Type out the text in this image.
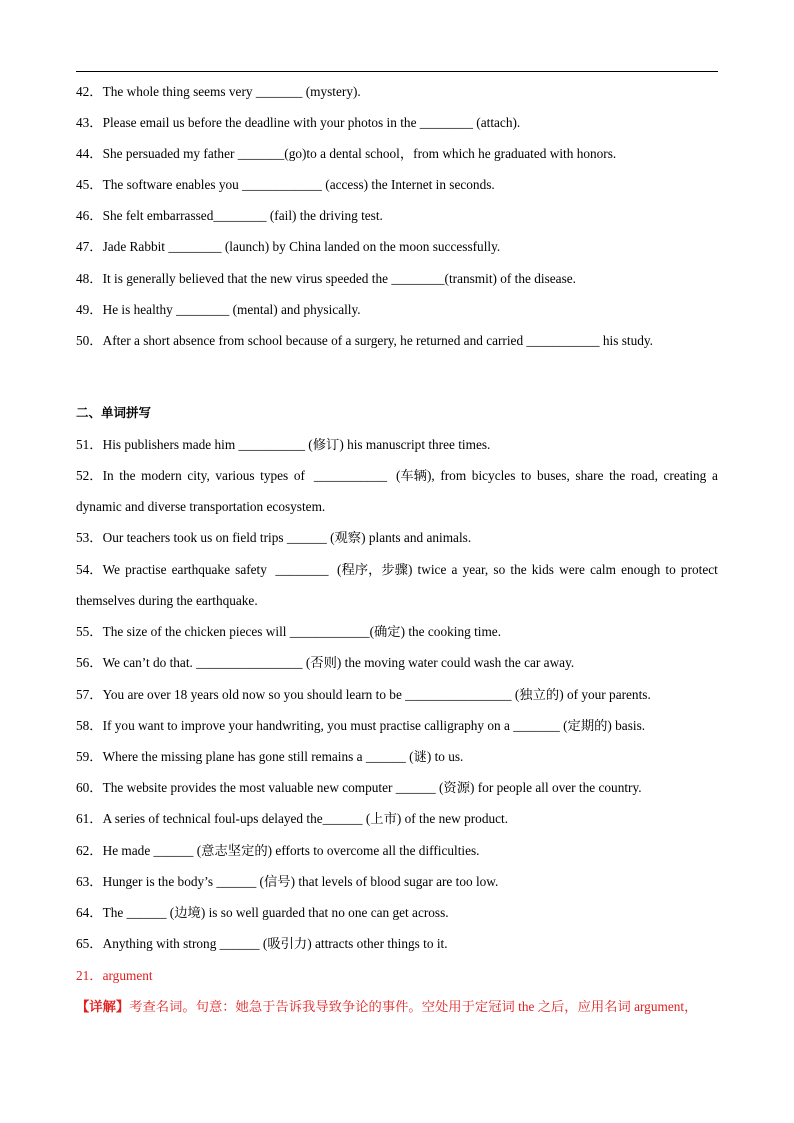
42．The whole thing seems very _______ (mystery).
43．Please email us before the deadline with your photos in the ________ (attach).
44．She persuaded my father _______(go)to a dental school，from which he graduated with honors.
45．The software enables you ____________ (access) the Internet in seconds.
46．She felt embarrassed________ (fail) the driving test.
47．Jade Rabbit ________ (launch) by China landed on the moon successfully.
48．It is generally believed that the new virus speeded the ________(transmit) of the disease.
49．He is healthy ________ (mental) and physically.
50．After a short absence from school because of a surgery, he returned and carried ___________ his study.
二、单词拼写
51．His publishers made him __________ (修订) his manuscript three times.
52．In the modern city, various types of ___________ (车辆), from bicycles to buses, share the road, creating a
dynamic and diverse transportation ecosystem.
53．Our teachers took us on field trips ______ (观察) plants and animals.
54．We practise earthquake safety ________ (程序，步骤) twice a year, so the kids were calm enough to protect
themselves during the earthquake.
55．The size of the chicken pieces will ____________(确定) the cooking time.
56．We can’t do that. ________________ (否则) the moving water could wash the car away.
57．You are over 18 years old now so you should learn to be ________________ (独立的) of your parents.
58．If you want to improve your handwriting, you must practise calligraphy on a _______ (定期的) basis.
59．Where the missing plane has gone still remains a ______ (谜) to us.
60．The website provides the most valuable new computer ______ (资源) for people all over the country.
61．A series of technical foul-ups delayed the______ (上市) of the new product.
62．He made ______ (意志坚定的) efforts to overcome all the difficulties.
63．Hunger is the body’s ______ (信号) that levels of blood sugar are too low.
64．The ______ (边境) is so well guarded that no one can get across.
65．Anything with strong ______ (吸引力) attracts other things to it.
21．argument
【详解】考查名词。句意：她急于告诉我导致争论的事件。空处用于定冠词 the 之后，应用名词 argument，
